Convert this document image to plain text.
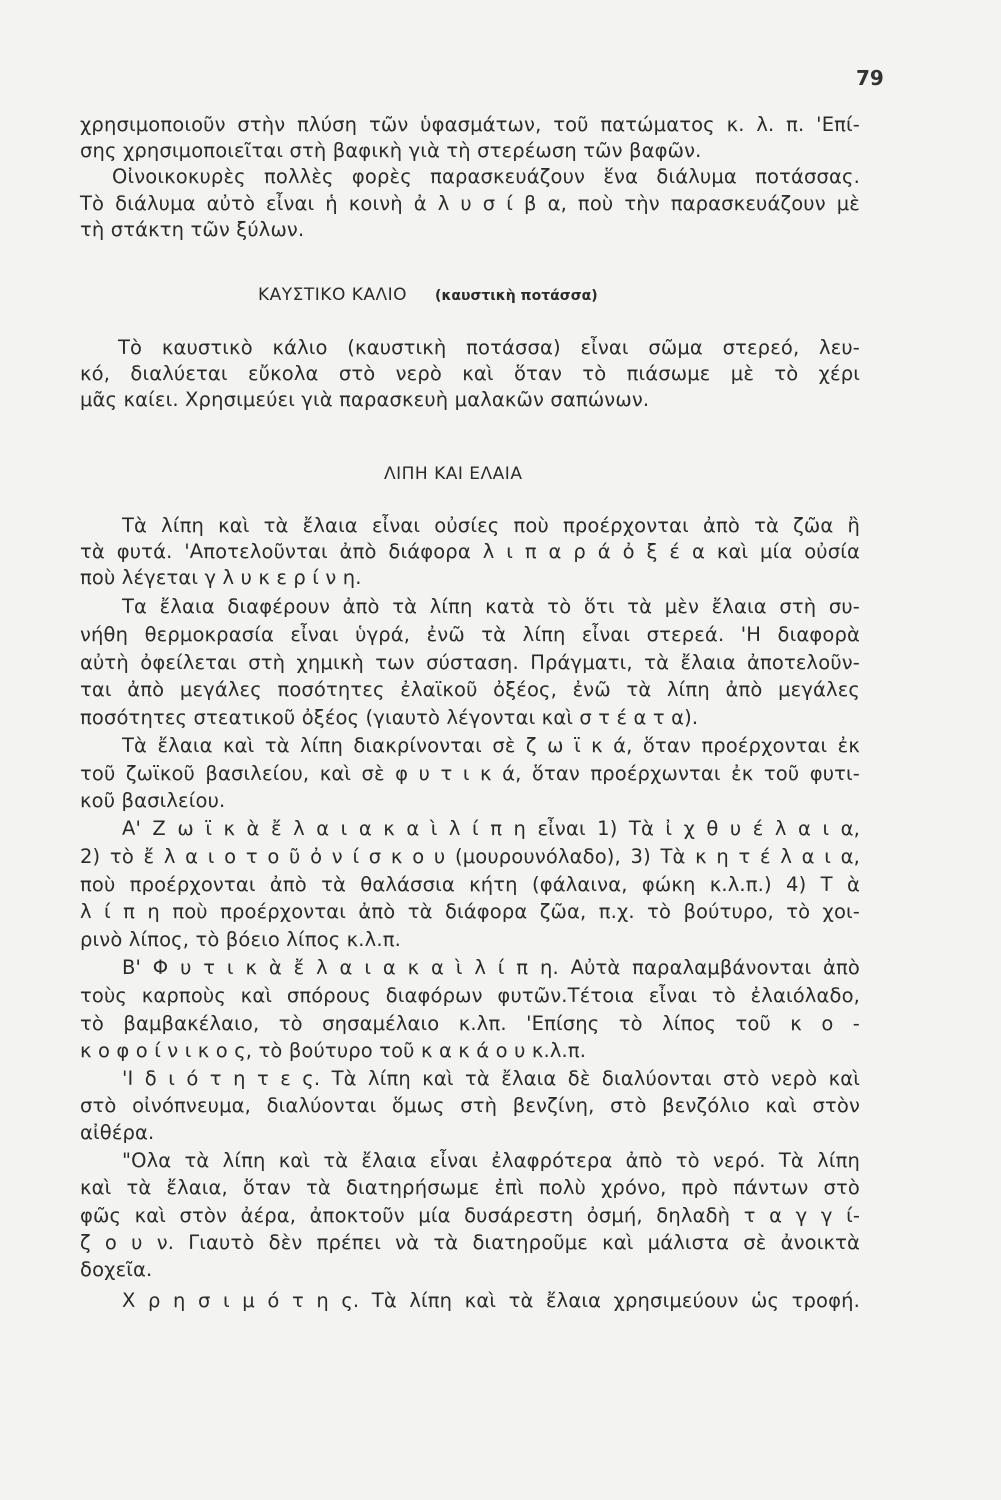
79
χρησιμοποιοῦν στὴν πλύση τῶν ὑφασμάτων, τοῦ πατώματος κ. λ. π. 'Επί-
σης χρησιμοποιεῖται στὴ βαφικὴ γιὰ τὴ στερέωση τῶν βαφῶν.
Οἰνοικοκυρὲς πολλὲς φορὲς παρασκευάζουν ἕνα διάλυμα ποτάσσας.
Τὸ διάλυμα αὐτὸ εἶναι ἡ κοινὴ ἀ λ υ σ ί β α, ποὺ τὴν παρασκευάζουν μὲ
τὴ στάκτη τῶν ξύλων.
ΚΑΥΣΤΙΚΟ ΚΑΛΙΟ (καυστικὴ ποτάσσα)
Τὸ καυστικὸ κάλιο (καυστικὴ ποτάσσα) εἶναι σῶμα στερεό, λευ-
κό, διαλύεται εὔκολα στὸ νερὸ καὶ ὅταν τὸ πιάσωμε μὲ τὸ χέρι
μᾶς καίει. Χρησιμεύει γιὰ παρασκευὴ μαλακῶν σαπώνων.
ΛΙΠΗ ΚΑΙ ΕΛΑΙΑ
Τὰ λίπη καὶ τὰ ἔλαια εἶναι οὐσίες ποὺ προέρχονται ἀπὸ τὰ ζῶα ἢ
τὰ φυτά. 'Αποτελοῦνται ἀπὸ διάφορα λ ι π α ρ ά ὀ ξ έ α καὶ μία οὐσία
ποὺ λέγεται γ λ υ κ ε ρ ί ν η.
Τα ἔλαια διαφέρουν ἀπὸ τὰ λίπη κατὰ τὸ ὅτι τὰ μὲν ἔλαια στὴ συ-
νήθη θερμοκρασία εἶναι ὑγρά, ἐνῶ τὰ λίπη εἶναι στερεά. 'Η διαφορὰ
αὐτὴ ὀφείλεται στὴ χημικὴ των σύσταση. Πράγματι, τὰ ἔλαια ἀποτελοῦν-
ται ἀπὸ μεγάλες ποσότητες ἐλαϊκοῦ ὀξέος, ἐνῶ τὰ λίπη ἀπὸ μεγάλες
ποσότητες στεατικοῦ ὀξέος (γιαυτὸ λέγονται καὶ σ τ έ α τ α).
Τὰ ἔλαια καὶ τὰ λίπη διακρίνονται σὲ ζ ω ϊ κ ά, ὅταν προέρχονται ἐκ
τοῦ ζωϊκοῦ βασιλείου, καὶ σὲ φ υ τ ι κ ά, ὅταν προέρχωνται ἐκ τοῦ φυτι-
κοῦ βασιλείου.
Α' Ζ ω ϊ κ ὰ ἔ λ α ι α κ α ὶ λ ί π η εἶναι 1) Τὰ ἰ χ θ υ έ λ α ι α,
2) τὸ ἔ λ α ι ο τ ο ῦ ὀ ν ί σ κ ο υ (μουρουνόλαδο), 3) Τὰ κ η τ έ λ α ι α,
ποὺ προέρχονται ἀπὸ τὰ θαλάσσια κήτη (φάλαινα, φώκη κ.λ.π.) 4) Τ ὰ
λ ί π η ποὺ προέρχονται ἀπὸ τὰ διάφορα ζῶα, π.χ. τὸ βούτυρο, τὸ χοι-
ρινὸ λίπος, τὸ βόειο λίπος κ.λ.π.
Β' Φ υ τ ι κ ὰ ἔ λ α ι α κ α ὶ λ ί π η. Αὐτὰ παραλαμβάνονται ἀπὸ
τοὺς καρποὺς καὶ σπόρους διαφόρων φυτῶν.Τέτοια εἶναι τὸ ἐλαιόλαδο,
τὸ βαμβακέλαιο, τὸ σησαμέλαιο κ.λπ. 'Επίσης τὸ λίπος τοῦ κ ο -
κ ο φ ο ί ν ι κ ο ς, τὸ βούτυρο τοῦ κ α κ ά ο υ κ.λ.π.
'Ι δ ι ό τ η τ ε ς. Τὰ λίπη καὶ τὰ ἔλαια δὲ διαλύονται στὸ νερὸ καὶ
στὸ οἰνόπνευμα, διαλύονται ὅμως στὴ βενζίνη, στὸ βενζόλιο καὶ στὸν
αἰθέρα.
"Ολα τὰ λίπη καὶ τὰ ἔλαια εἶναι ἐλαφρότερα ἀπὸ τὸ νερό. Τὰ λίπη
καὶ τὰ ἔλαια, ὅταν τὰ διατηρήσωμε ἐπὶ πολὺ χρόνο, πρὸ πάντων στὸ
φῶς καὶ στὸν ἀέρα, ἀποκτοῦν μία δυσάρεστη ὀσμή, δηλαδὴ τ α γ γ ί-
ζ ο υ ν. Γιαυτὸ δὲν πρέπει νὰ τὰ διατηροῦμε καὶ μάλιστα σὲ ἀνοικτὰ
δοχεῖα.
Χ ρ η σ ι μ ό τ η ς. Τὰ λίπη καὶ τὰ ἔλαια χρησιμεύουν ὡς τροφή.
